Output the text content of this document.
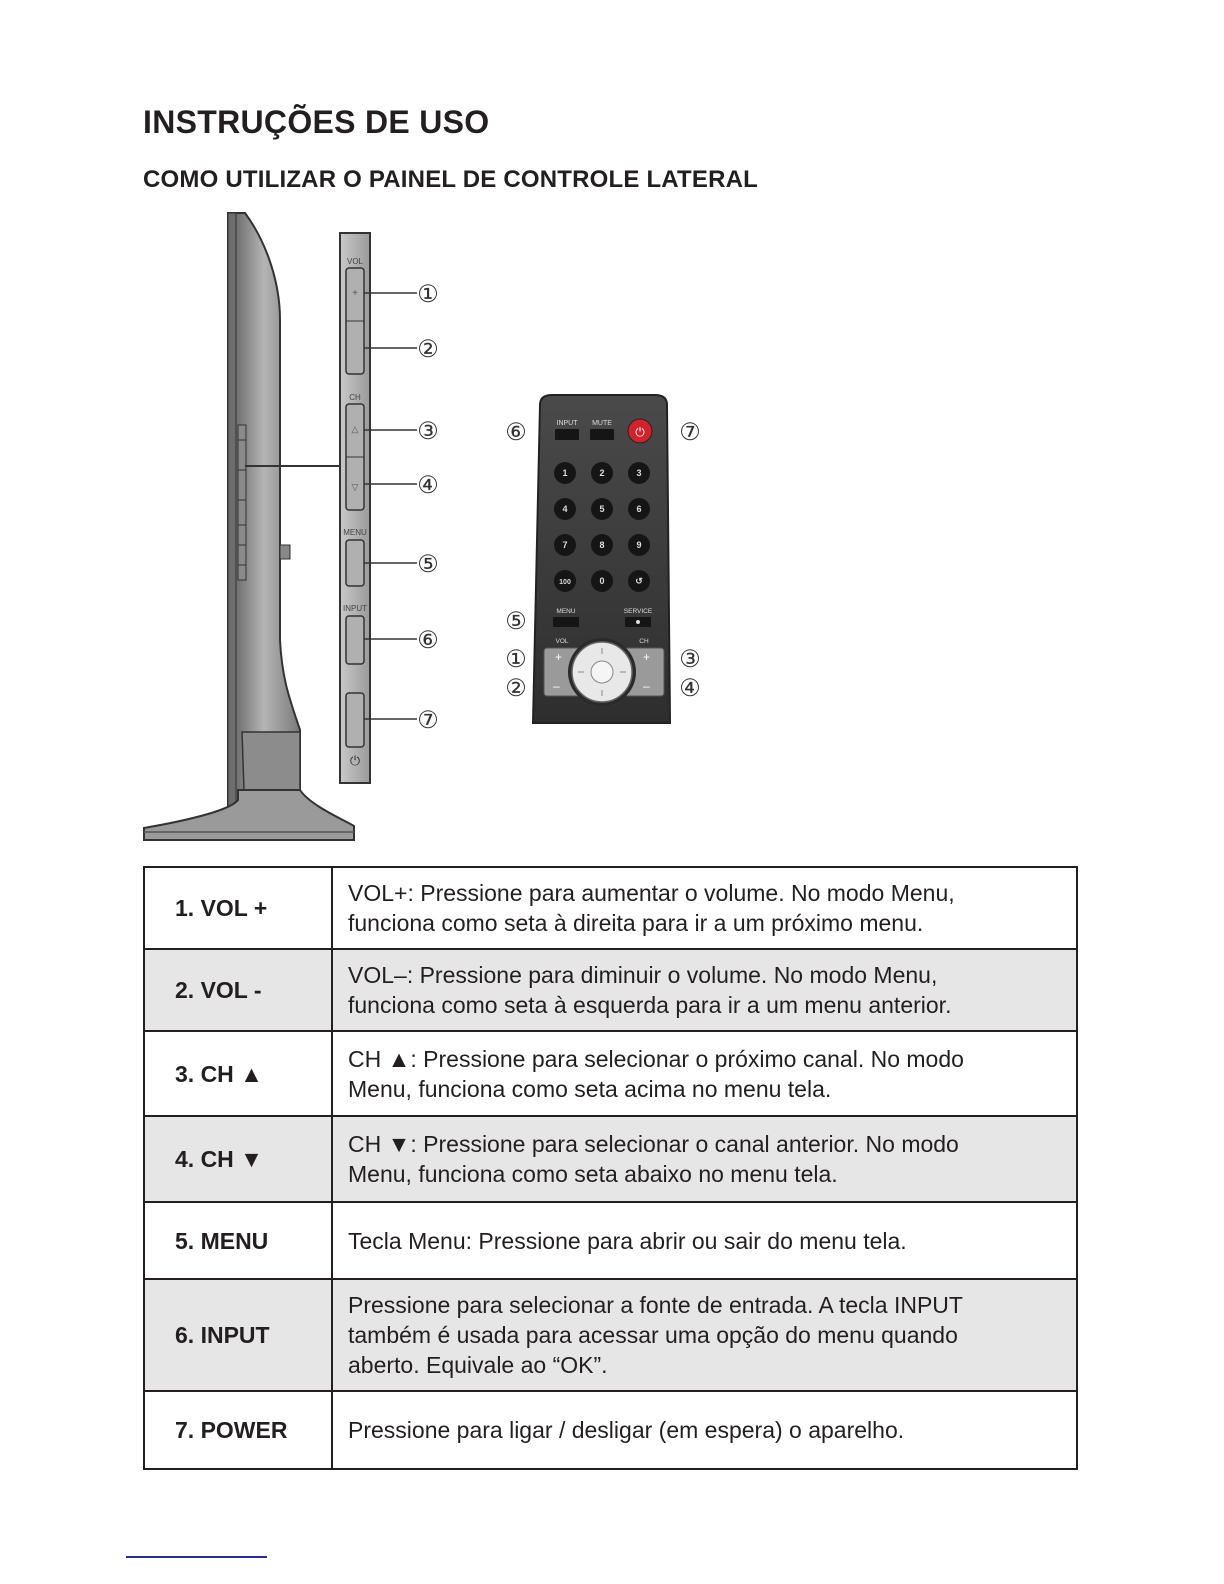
INSTRUÇÕES DE USO
COMO UTILIZAR O PAINEL DE CONTROLE LATERAL
+
△
▽
⏻
VOL
CH
MENU
INPUT
①
②
③
④
⑤
⑥
⑦
INPUT MUTE
⏻
1	2	3
4	5	6
7	8	9
100	0	↺
MENU	SERVICE
VOL	CH
+
–
+
–
⑥	⑦
⑤
①
②
③
④
1. VOL +	VOL+: Pressione para aumentar o volume. No modo Menu,
funciona como seta à direita para ir a um próximo menu.

2. VOL -	VOL–: Pressione para diminuir o volume. No modo Menu,
funciona como seta à esquerda para ir a um menu anterior.

3. CH ▲	CH ▲: Pressione para selecionar o próximo canal. No modo
Menu, funciona como seta acima no menu tela.

4. CH ▼	CH ▼: Pressione para selecionar o canal anterior. No modo
Menu, funciona como seta abaixo no menu tela.

5. MENU	Tecla Menu: Pressione para abrir ou sair do menu tela.

6. INPUT	Pressione para selecionar a fonte de entrada. A tecla INPUT
também é usada para acessar uma opção do menu quando
aberto. Equivale ao “OK”.

7. POWER	Pressione para ligar / desligar (em espera) o aparelho.
